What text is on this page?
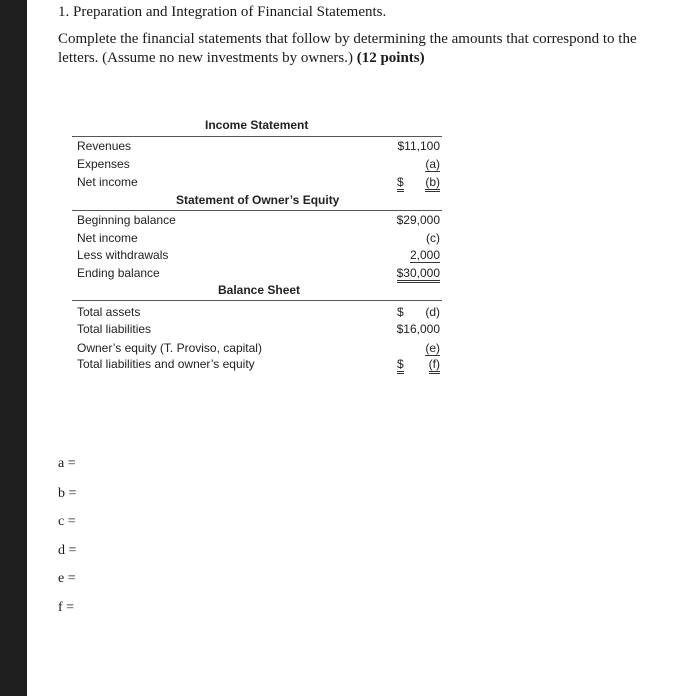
1. Preparation and Integration of Financial Statements.
Complete the financial statements that follow by determining the amounts that correspond to the letters. (Assume no new investments by owners.) (12 points)
Income Statement
Revenues	$11,100
Expenses	(a)
Net income	$ (b)
Statement of Owner’s Equity
Beginning balance	$29,000
Net income	(c)
Less withdrawals	2,000
Ending balance	$30,000
Balance Sheet
Total assets	$ (d)
Total liabilities	$16,000
Owner’s equity (T. Proviso, capital)	(e)
Total liabilities and owner’s equity	$ (f)
a =
b =
c =
d =
e =
f =
